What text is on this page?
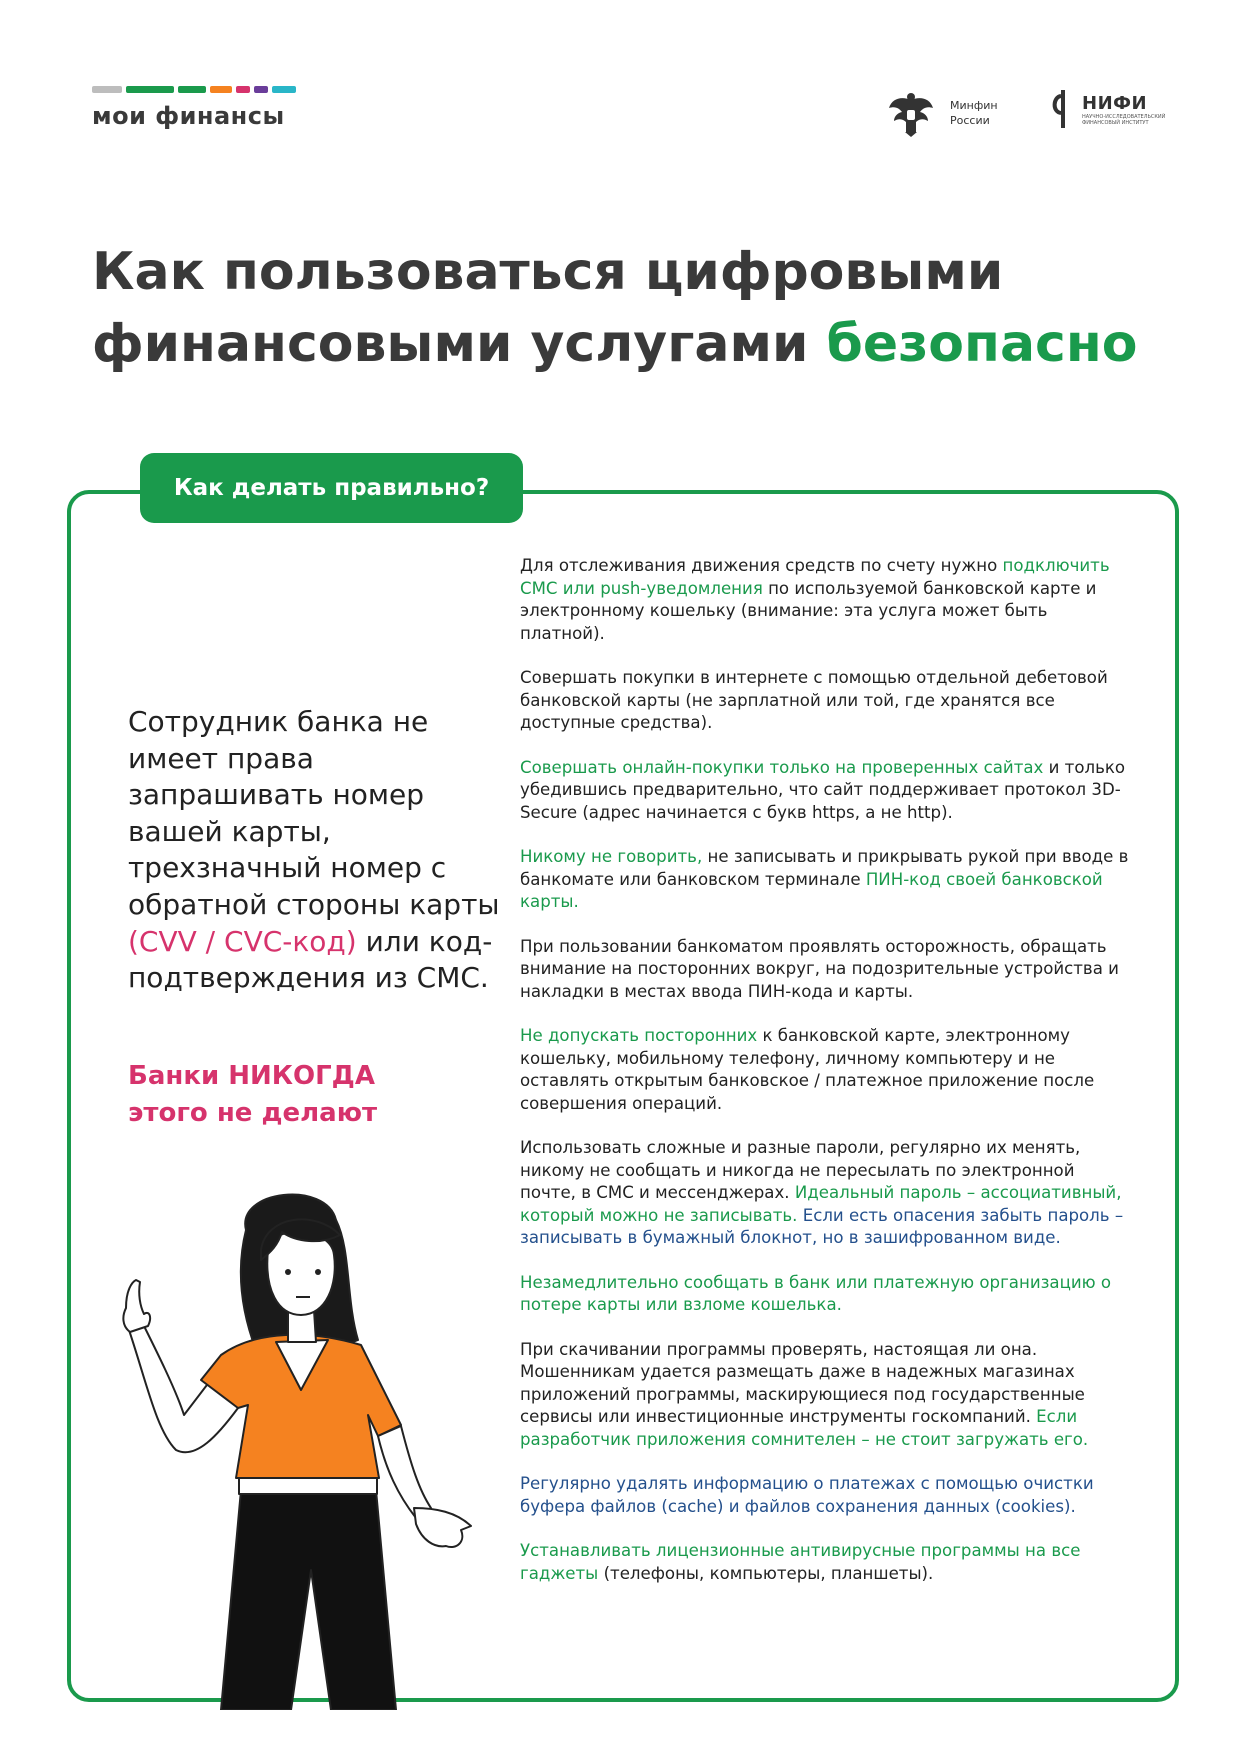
мои финансы	Минфин
России
НИФИ
НАУЧНО-ИССЛЕДОВАТЕЛЬСКИЙ ФИНАНСОВЫЙ ИНСТИТУТ
Как пользоваться цифровыми
финансовыми услугами безопасно
Как делать правильно?
Сотрудник банка не имеет права запрашивать номер вашей карты, трехзначный номер с обратной стороны карты (CVV / CVC-код) или код-подтверждения из СМС.
Банки НИКОГДА
этого не делают
Для отслеживания движения средств по счету нужно подключить СМС или push-уведомления по используемой банковской карте и электронному кошельку (внимание: эта услуга может быть платной).
Совершать покупки в интернете с помощью отдельной дебетовой банковской карты (не зарплатной или той, где хранятся все доступные средства).
Совершать онлайн-покупки только на проверенных сайтах и только убедившись предварительно, что сайт поддерживает протокол 3D-Secure (адрес начинается с букв https, а не http).
Никому не говорить, не записывать и прикрывать рукой при вводе в банкомате или банковском терминале ПИН-код своей банковской карты.
При пользовании банкоматом проявлять осторожность, обращать внимание на посторонних вокруг, на подозрительные устройства и накладки в местах ввода ПИН-кода и карты.
Не допускать посторонних к банковской карте, электронному кошельку, мобильному телефону, личному компьютеру и не оставлять открытым банковское / платежное приложение после совершения операций.
Использовать сложные и разные пароли, регулярно их менять, никому не сообщать и никогда не пересылать по электронной почте, в СМС и мессенджерах. Идеальный пароль – ассоциативный, который можно не записывать. Если есть опасения забыть пароль – записывать в бумажный блокнот, но в зашифрованном виде.
Незамедлительно сообщать в банк или платежную организацию о потере карты или взломе кошелька.
При скачивании программы проверять, настоящая ли она. Мошенникам удается размещать даже в надежных магазинах приложений программы, маскирующиеся под государственные сервисы или инвестиционные инструменты госкомпаний. Если разработчик приложения сомнителен – не стоит загружать его.
Регулярно удалять информацию о платежах с помощью очистки буфера файлов (cache) и файлов сохранения данных (cookies).
Устанавливать лицензионные антивирусные программы на все гаджеты (телефоны, компьютеры, планшеты).
